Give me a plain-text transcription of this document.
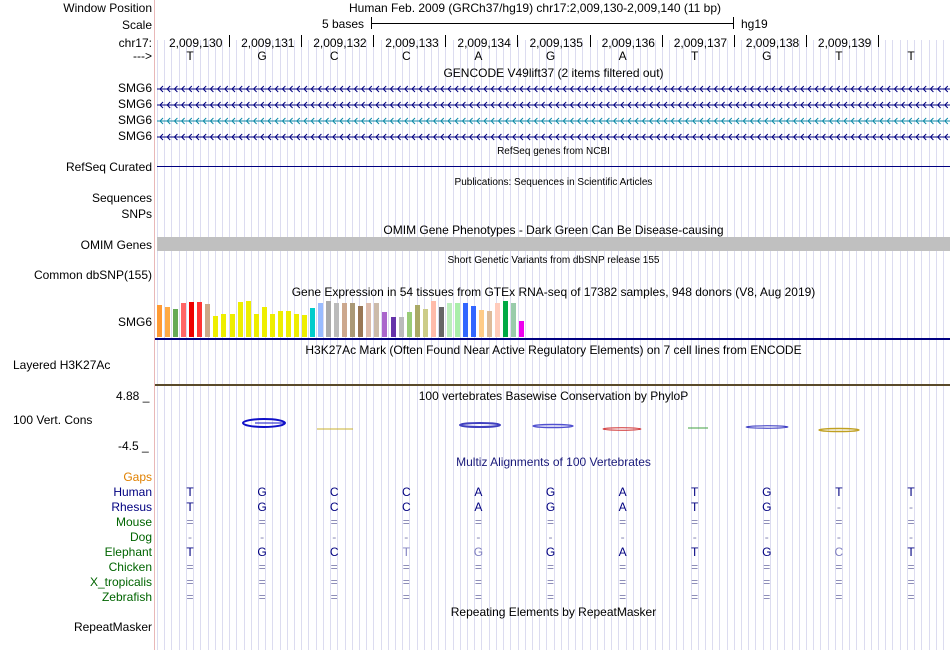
Window Position	Human Feb. 2009 (GRCh37/hg19) chr17:2,009,130-2,009,140 (11 bp)
Scale	5 bases	hg19
chr17: 2,009,130 2,009,131 2,009,132 2,009,133 2,009,134 2,009,135 2,009,136 2,009,137 2,009,138 2,009,139
--->	T	G	C	C	A	G	A	T	G	T	T
GENCODE V49lift37 (2 items filtered out)
SMG6
SMG6
SMG6
SMG6
RefSeq genes from NCBI
RefSeq Curated
Publications: Sequences in Scientific Articles
Sequences
SNPs
OMIM Gene Phenotypes - Dark Green Can Be Disease-causing
OMIM Genes
Short Genetic Variants from dbSNP release 155
Common dbSNP(155)
Gene Expression in 54 tissues from GTEx RNA-seq of 17382 samples, 948 donors (V8, Aug 2019)
SMG6
H3K27Ac Mark (Often Found Near Active Regulatory Elements) on 7 cell lines from ENCODE
Layered H3K27Ac
100 vertebrates Basewise Conservation by PhyloP
4.88 _
100 Vert. Cons
-4.5 _
Multiz Alignments of 100 Vertebrates
Gaps
Human	T	G	C	C	A	G	A	T	G	T	T
Rhesus	T	G	C	C	A	G	A	T	G	-	-
Mouse	=	=	=	=	=	=	=	=	=	=	=
Dog	-	-	-	-	-	-	-	-	-	-	-
Elephant	T	G	C	T	G	G	A	T	G	C	T
Chicken	=	=	=	=	=	=	=	=	=	=	=
X_tropicalis	=	=	=	=	=	=	=	=	=	=	=
Zebrafish	=	=	=	=	=	=	=	=	=	=	=
Repeating Elements by RepeatMasker
RepeatMasker
